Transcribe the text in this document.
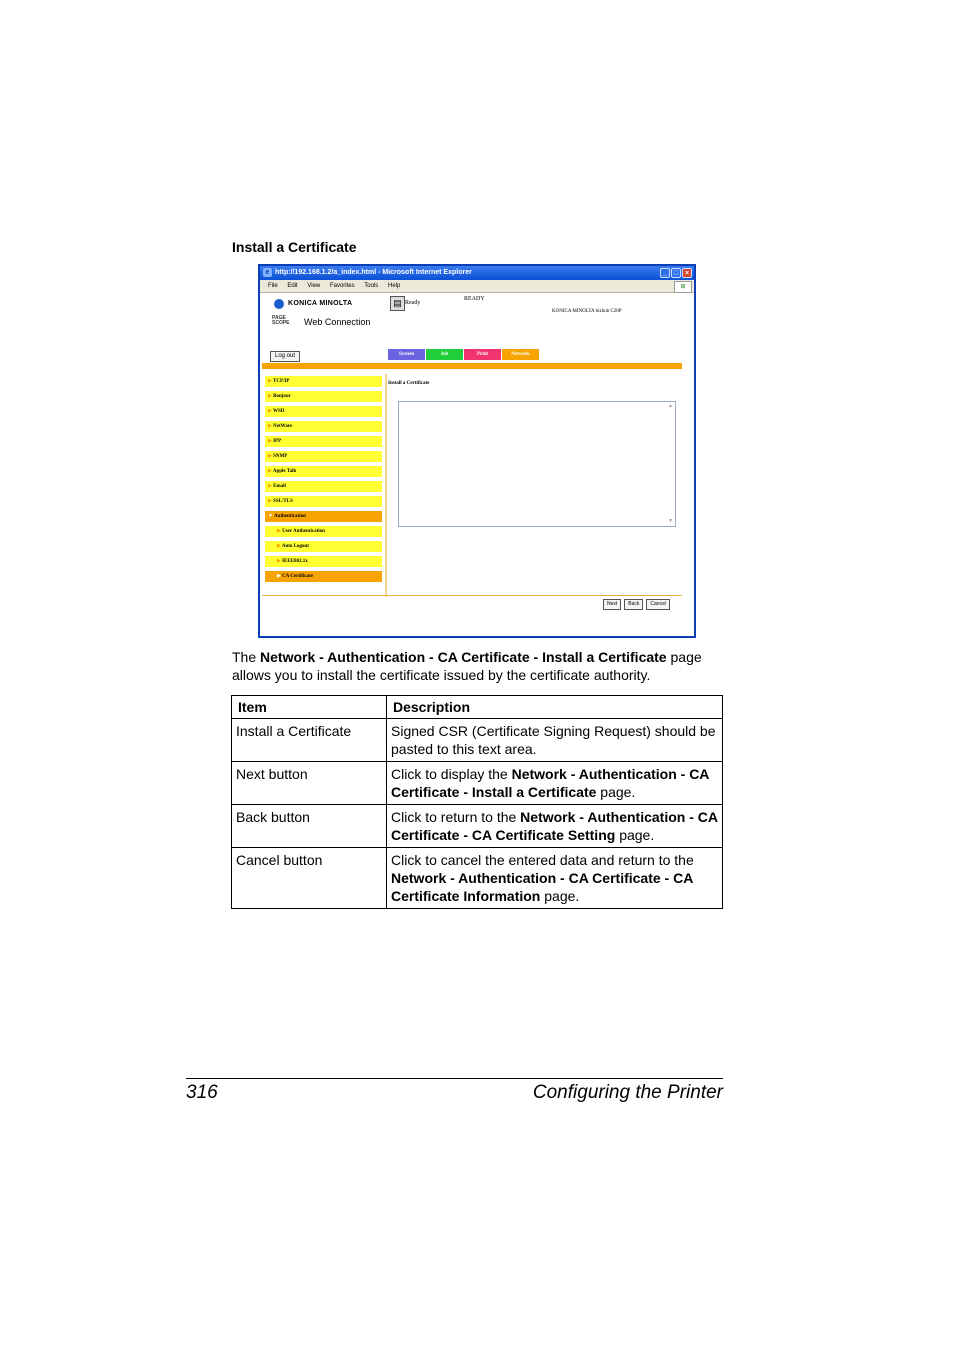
Install a Certificate
e http://192.168.1.2/a_index.html - Microsoft Internet Explorer	_ □ ×
File Edit View Favorites Tools Help	⊞
KONICA MINOLTA
PAGE SCOPE	Web Connection
▤ Ready
READY
KONICA MINOLTA bizhub C20P
Log out	System	Job	Print	Network
▶ TCP/IP
▶ Bonjour
▶ WSD
▶ NetWare
▶ IPP
▶ SNMP
▶ Apple Talk
▶ Email
▶ SSL/TLS
▼ Authentication
▶ User Authentication
▶ Auto Logout
▶ IEEE802.1x
▶ CA Certificate
Install a Certificate
▲
▼
Next	Back	Cancel
The Network - Authentication - CA Certificate - Install a Certificate page allows you to install the certificate issued by the certificate authority.
Item	Description
Install a Certificate	Signed CSR (Certificate Signing Request) should be pasted to this text area.
Next button	Click to display the Network - Authentication - CA Certificate - Install a Certificate page.
Back button	Click to return to the Network - Authentication - CA Certificate - CA Certificate Setting page.
Cancel button	Click to cancel the entered data and return to the Network - Authentication - CA Certificate - CA Certificate Information page.
316	Configuring the Printer
